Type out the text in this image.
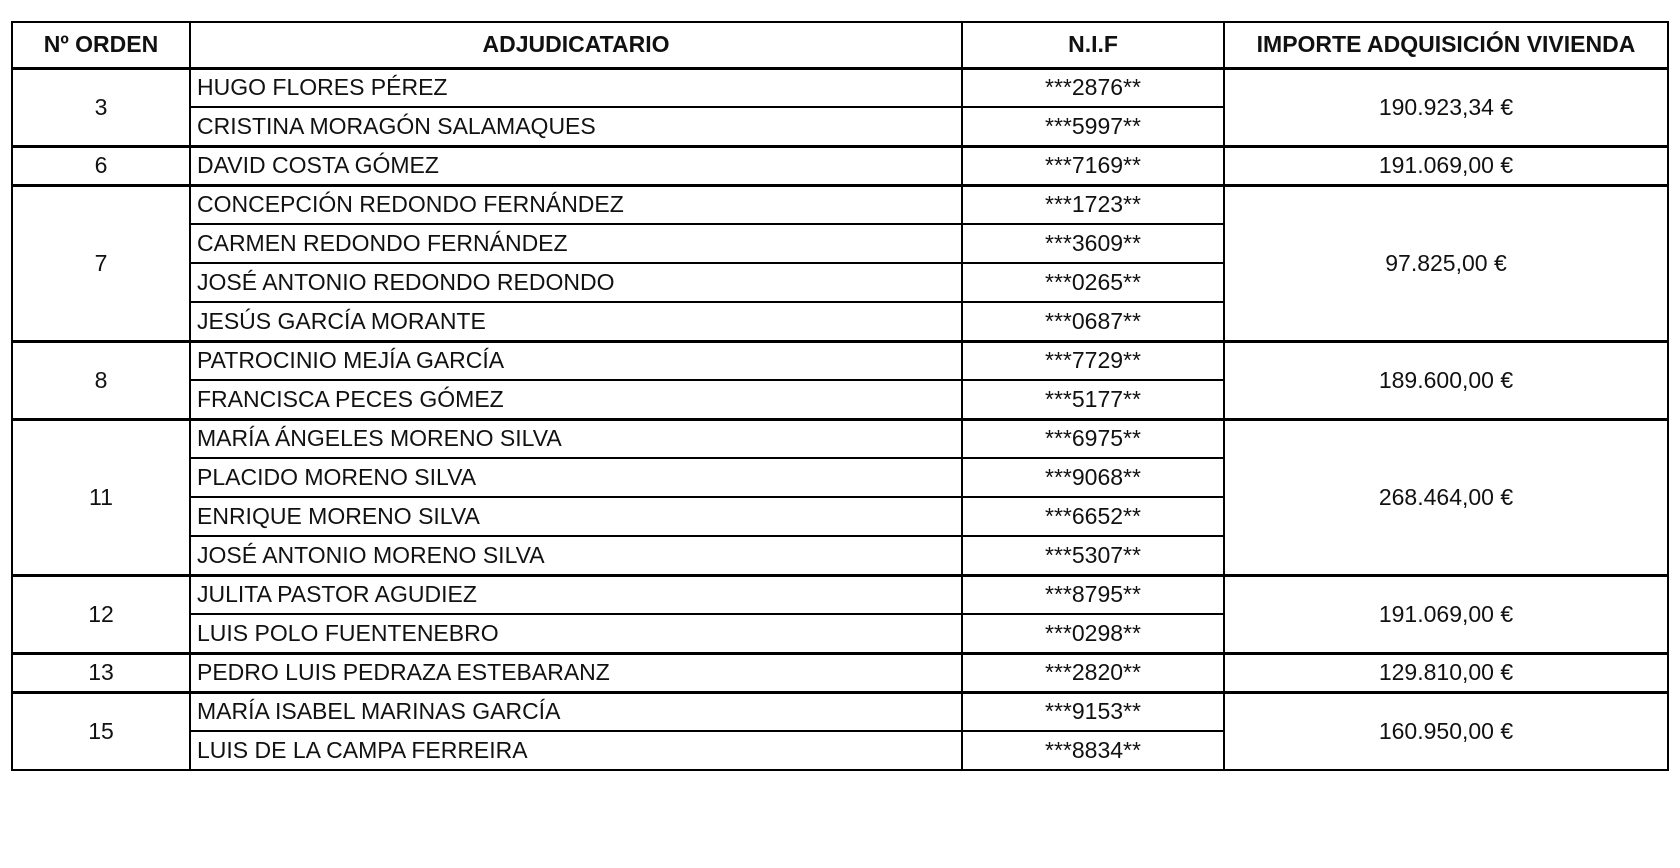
Nº ORDEN	ADJUDICATARIO	N.I.F	IMPORTE ADQUISICIÓN VIVIENDA
3	HUGO FLORES PÉREZ	***2876**	190.923,34 €
	CRISTINA MORAGÓN SALAMAQUES	***5997**	
6	DAVID COSTA GÓMEZ	***7169**	191.069,00 €
7	CONCEPCIÓN REDONDO FERNÁNDEZ	***1723**	97.825,00 €
	CARMEN REDONDO FERNÁNDEZ	***3609**	
	JOSÉ ANTONIO REDONDO REDONDO	***0265**	
	JESÚS GARCÍA MORANTE	***0687**	
8	PATROCINIO MEJÍA GARCÍA	***7729**	189.600,00 €
	FRANCISCA PECES GÓMEZ	***5177**	
11	MARÍA ÁNGELES MORENO SILVA	***6975**	268.464,00 €
	PLACIDO MORENO SILVA	***9068**	
	ENRIQUE MORENO SILVA	***6652**	
	JOSÉ ANTONIO MORENO SILVA	***5307**	
12	JULITA PASTOR AGUDIEZ	***8795**	191.069,00 €
	LUIS POLO FUENTENEBRO	***0298**	
13	PEDRO LUIS PEDRAZA ESTEBARANZ	***2820**	129.810,00 €
15	MARÍA ISABEL MARINAS GARCÍA	***9153**	160.950,00 €
	LUIS DE LA CAMPA FERREIRA	***8834**	
